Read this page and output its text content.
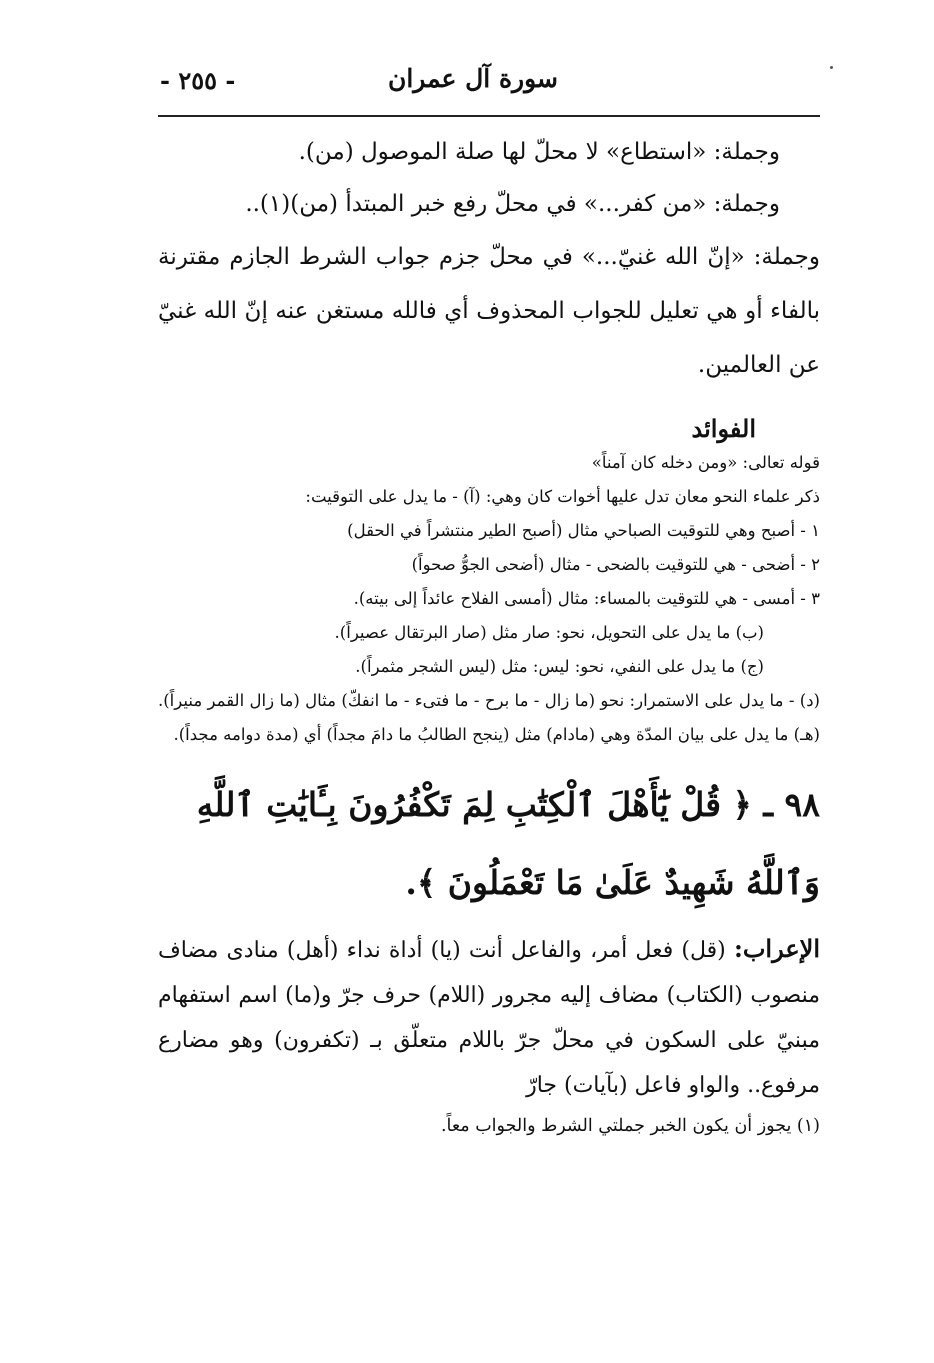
سورة آل عمران
- ٢٥٥ -
وجملة: «استطاع» لا محلّ لها صلة الموصول (من).
وجملة: «من كفر...» في محلّ رفع خبر المبتدأ (من)(١)..
وجملة: «إنّ الله غنيّ...» في محلّ جزم جواب الشرط الجازم مقترنة بالفاء أو هي تعليل للجواب المحذوف أي فالله مستغن عنه إنّ الله غنيّ عن العالمين.
الفوائد
قوله تعالى: «ومن دخله كان آمناً»
ذكر علماء النحو معان تدل عليها أخوات كان وهي: (آ) - ما يدل على التوقيت:
١ - أصبح وهي للتوقيت الصباحي مثال (أصبح الطير منتشراً في الحقل)
٢ - أضحى - هي للتوقيت بالضحى - مثال (أضحى الجوُّ صحواً)
٣ - أمسى - هي للتوقيت بالمساء: مثال (أمسى الفلاح عائداً إلى بيته).
(ب) ما يدل على التحويل، نحو: صار مثل (صار البرتقال عصيراً).
(ج) ما يدل على النفي، نحو: ليس: مثل (ليس الشجر مثمراً).
(د) - ما يدل على الاستمرار: نحو (ما زال - ما برح - ما فتىء - ما انفكّ) مثال (ما زال القمر منيراً). (هـ) ما يدل على بيان المدّة وهي (مادام) مثل (ينجح الطالبُ ما دامَ مجداً) أي (مدة دوامه مجداً).
٩٨ ـ ﴿ قُلْ يَٰٓأَهْلَ ٱلْكِتَٰبِ لِمَ تَكْفُرُونَ بِـَٔايَٰتِ ٱللَّهِ وَٱللَّهُ شَهِيدٌ عَلَىٰ مَا تَعْمَلُونَ ﴾.
الإعراب: (قل) فعل أمر، والفاعل أنت (يا) أداة نداء (أهل) منادى مضاف منصوب (الكتاب) مضاف إليه مجرور (اللام) حرف جرّ و(ما) اسم استفهام مبنيّ على السكون في محلّ جرّ باللام متعلّق بـ (تكفرون) وهو مضارع مرفوع.. والواو فاعل (بآيات) جارّ
(١) يجوز أن يكون الخبر جملتي الشرط والجواب معاً.
